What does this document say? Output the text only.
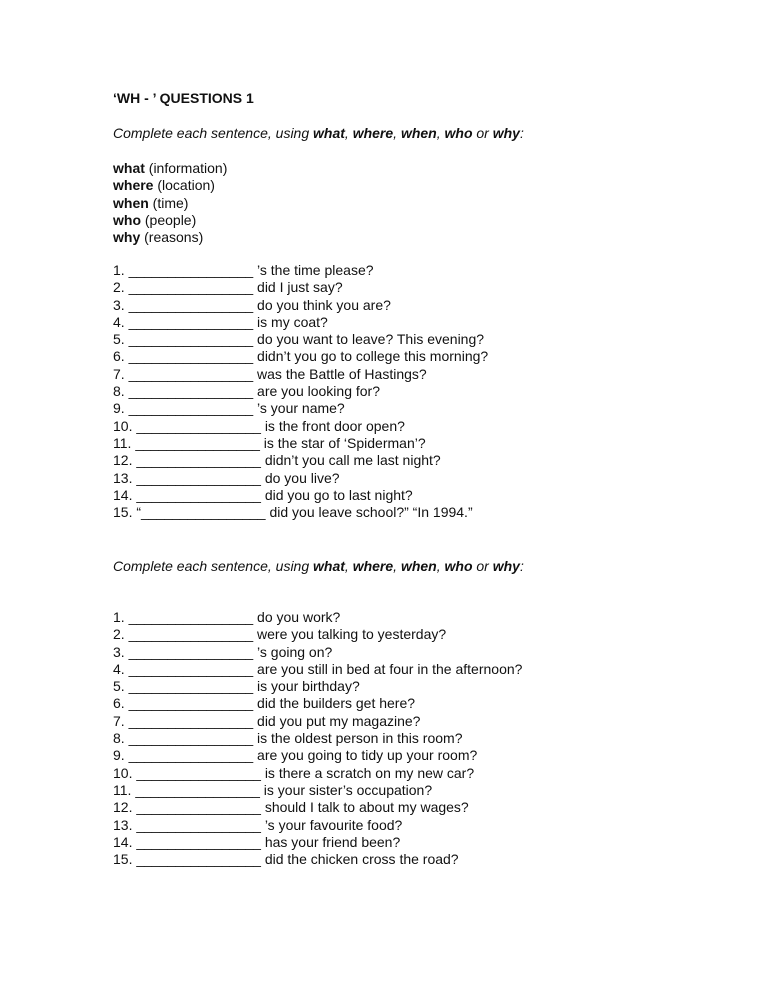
‘WH - ’ QUESTIONS 1
Complete each sentence, using what, where, when, who or why:
what (information)
where (location)
when (time)
who (people)
why (reasons)
1. ________________ ’s the time please?
2. ________________ did I just say?
3. ________________ do you think you are?
4. ________________ is my coat?
5. ________________ do you want to leave? This evening?
6. ________________ didn’t you go to college this morning?
7. ________________ was the Battle of Hastings?
8. ________________ are you looking for?
9. ________________ ’s your name?
10. ________________ is the front door open?
11. ________________ is the star of ‘Spiderman’?
12. ________________ didn’t you call me last night?
13. ________________ do you live?
14. ________________ did you go to last night?
15. “________________ did you leave school?” “In 1994.”
Complete each sentence, using what, where, when, who or why:
1. ________________ do you work?
2. ________________ were you talking to yesterday?
3. ________________ ’s going on?
4. ________________ are you still in bed at four in the afternoon?
5. ________________ is your birthday?
6. ________________ did the builders get here?
7. ________________ did you put my magazine?
8. ________________ is the oldest person in this room?
9. ________________ are you going to tidy up your room?
10. ________________ is there a scratch on my new car?
11. ________________ is your sister’s occupation?
12. ________________ should I talk to about my wages?
13. ________________ ’s your favourite food?
14. ________________ has your friend been?
15. ________________ did the chicken cross the road?
